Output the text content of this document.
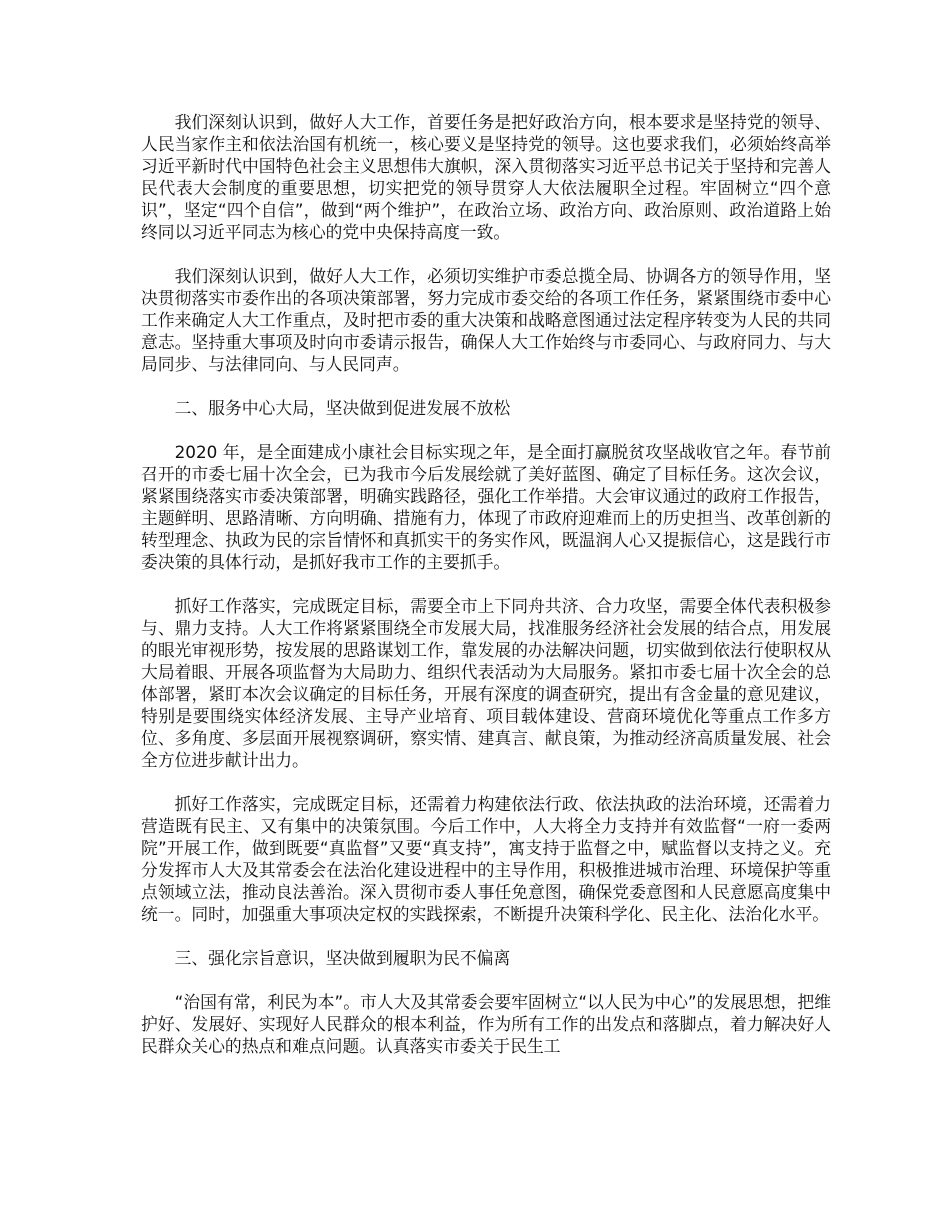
我们深刻认识到，做好人大工作，首要任务是把好政治方向，根本要求是坚持党的领导、人民当家作主和依法治国有机统一，核心要义是坚持党的领导。这也要求我们，必须始终高举习近平新时代中国特色社会主义思想伟大旗帜，深入贯彻落实习近平总书记关于坚持和完善人民代表大会制度的重要思想，切实把党的领导贯穿人大依法履职全过程。牢固树立“四个意识”，坚定“四个自信”，做到“两个维护”，在政治立场、政治方向、政治原则、政治道路上始终同以习近平同志为核心的党中央保持高度一致。

我们深刻认识到，做好人大工作，必须切实维护市委总揽全局、协调各方的领导作用，坚决贯彻落实市委作出的各项决策部署，努力完成市委交给的各项工作任务，紧紧围绕市委中心工作来确定人大工作重点，及时把市委的重大决策和战略意图通过法定程序转变为人民的共同意志。坚持重大事项及时向市委请示报告，确保人大工作始终与市委同心、与政府同力、与大局同步、与法律同向、与人民同声。

二、服务中心大局，坚决做到促进发展不放松

2020 年，是全面建成小康社会目标实现之年，是全面打赢脱贫攻坚战收官之年。春节前召开的市委七届十次全会，已为我市今后发展绘就了美好蓝图、确定了目标任务。这次会议，紧紧围绕落实市委决策部署，明确实践路径，强化工作举措。大会审议通过的政府工作报告，主题鲜明、思路清晰、方向明确、措施有力，体现了市政府迎难而上的历史担当、改革创新的转型理念、执政为民的宗旨情怀和真抓实干的务实作风，既温润人心又提振信心，这是践行市委决策的具体行动，是抓好我市工作的主要抓手。

抓好工作落实，完成既定目标，需要全市上下同舟共济、合力攻坚，需要全体代表积极参与、鼎力支持。人大工作将紧紧围绕全市发展大局，找准服务经济社会发展的结合点，用发展的眼光审视形势，按发展的思路谋划工作，靠发展的办法解决问题，切实做到依法行使职权从大局着眼、开展各项监督为大局助力、组织代表活动为大局服务。紧扣市委七届十次全会的总体部署，紧盯本次会议确定的目标任务，开展有深度的调查研究，提出有含金量的意见建议，特别是要围绕实体经济发展、主导产业培育、项目载体建设、营商环境优化等重点工作多方位、多角度、多层面开展视察调研，察实情、建真言、献良策，为推动经济高质量发展、社会全方位进步献计出力。

抓好工作落实，完成既定目标，还需着力构建依法行政、依法执政的法治环境，还需着力营造既有民主、又有集中的决策氛围。今后工作中，人大将全力支持并有效监督“一府一委两院”开展工作，做到既要“真监督”又要“真支持”，寓支持于监督之中，赋监督以支持之义。充分发挥市人大及其常委会在法治化建设进程中的主导作用，积极推进城市治理、环境保护等重点领域立法，推动良法善治。深入贯彻市委人事任免意图，确保党委意图和人民意愿高度集中统一。同时，加强重大事项决定权的实践探索，不断提升决策科学化、民主化、法治化水平。

三、强化宗旨意识，坚决做到履职为民不偏离

“治国有常，利民为本”。市人大及其常委会要牢固树立“以人民为中心”的发展思想，把维护好、发展好、实现好人民群众的根本利益，作为所有工作的出发点和落脚点，着力解决好人民群众关心的热点和难点问题。认真落实市委关于民生工
